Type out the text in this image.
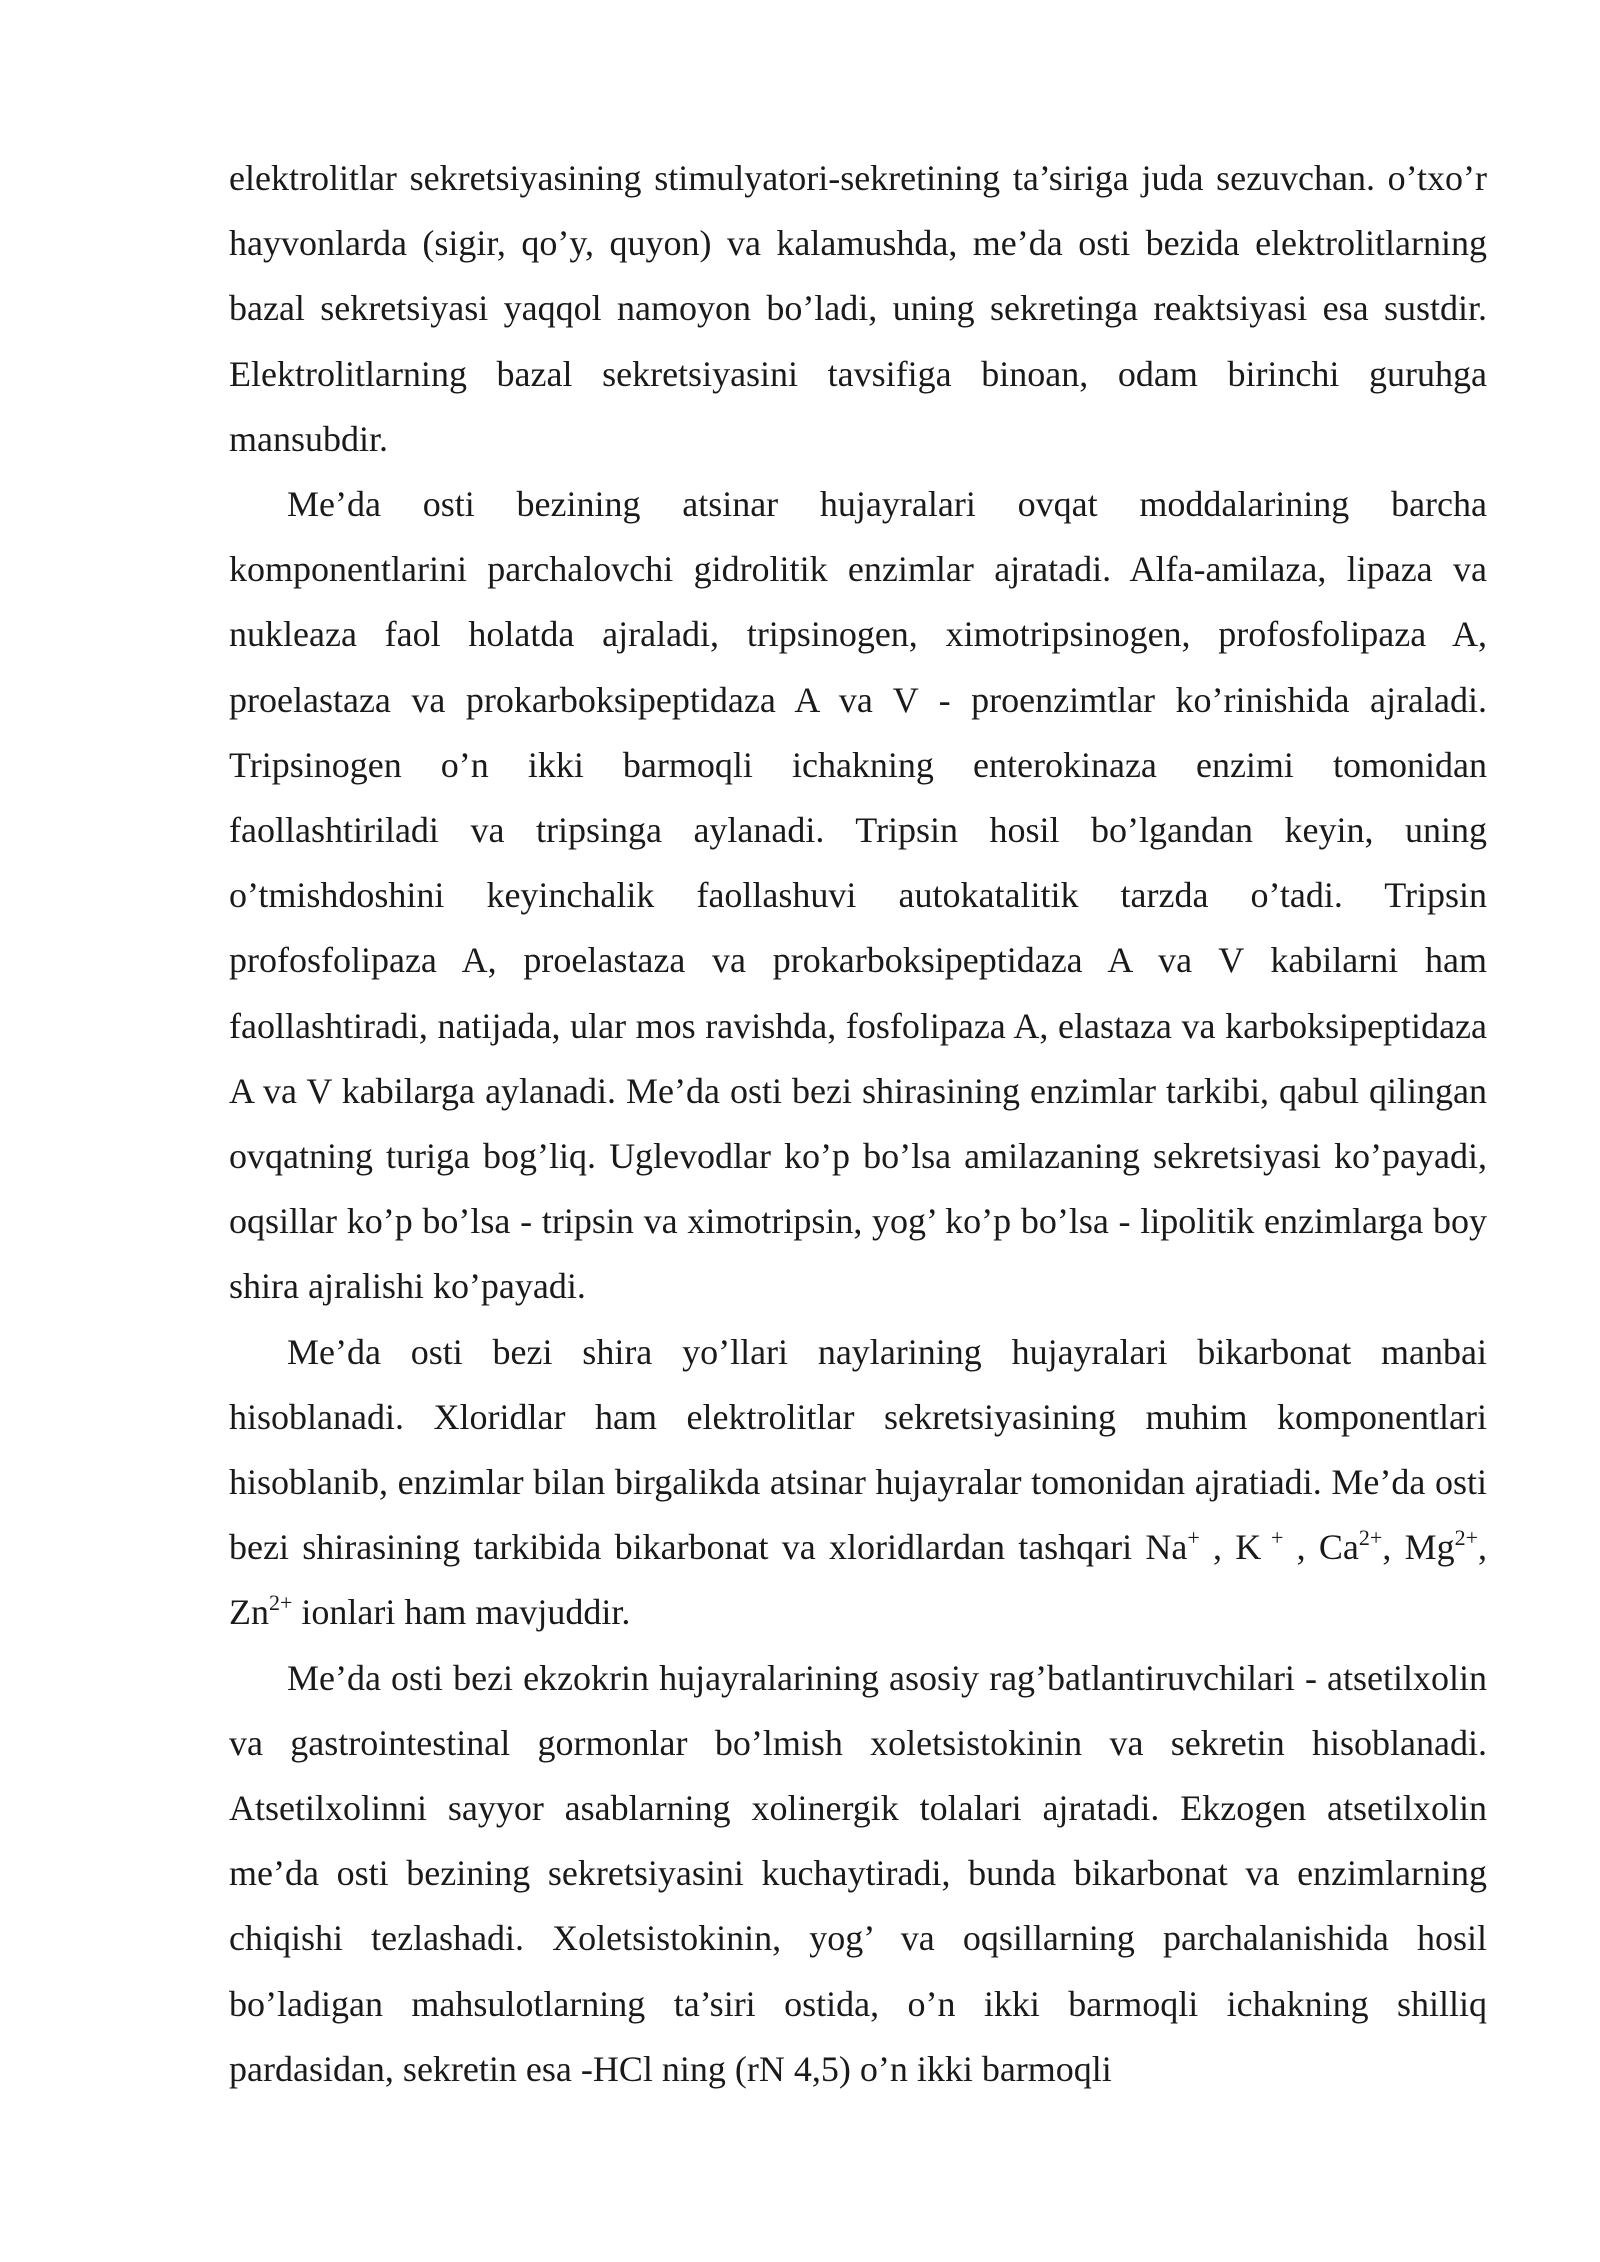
elektrolitlar sekretsiyasining stimulyatori-sekretining ta’siriga juda sezuvchan. o’txo’r hayvonlarda (sigir, qo’y, quyon) va kalamushda, me’da osti bezida elektrolitlarning bazal sekretsiyasi yaqqol namoyon bo’ladi, uning sekretinga reaktsiyasi esa sustdir. Elektrolitlarning bazal sekretsiyasini tavsifiga binoan, odam birinchi guruhga mansubdir.

Me’da osti bezining atsinar hujayralari ovqat moddalarining barcha komponentlarini parchalovchi gidrolitik enzimlar ajratadi. Alfa-amilaza, lipaza va nukleaza faol holatda ajraladi, tripsinogen, ximotripsinogen, profosfolipaza A, proelastaza va prokarboksipeptidaza A va V - proenzimtlar ko’rinishida ajraladi. Tripsinogen o’n ikki barmoqli ichakning enterokinaza enzimi tomonidan faollashtiriladi va tripsinga aylanadi. Tripsin hosil bo’lgandan keyin, uning o’tmishdoshini keyinchalik faollashuvi autokatalitik tarzda o’tadi. Tripsin profosfolipaza A, proelastaza va prokarboksipeptidaza A va V kabilarni ham faollashtiradi, natijada, ular mos ravishda, fosfolipaza A, elastaza va karboksipeptidaza A va V kabilarga aylanadi. Me’da osti bezi shirasining enzimlar tarkibi, qabul qilingan ovqatning turiga bog’liq. Uglevodlar ko’p bo’lsa amilazaning sekretsiyasi ko’payadi, oqsillar ko’p bo’lsa - tripsin va ximotripsin, yog’ ko’p bo’lsa - lipolitik enzimlarga boy shira ajralishi ko’payadi.

Me’da osti bezi shira yo’llari naylarining hujayralari bikarbonat manbai hisoblanadi. Xloridlar ham elektrolitlar sekretsiyasining muhim komponentlari hisoblanib, enzimlar bilan birgalikda atsinar hujayralar tomonidan ajratiadi. Me’da osti bezi shirasining tarkibida bikarbonat va xloridlardan tashqari Na+ , K + , $Ca^{2+}$, $Mg^{2+}$, $Zn^{2+}$ ionlari ham mavjuddir.

Me’da osti bezi ekzokrin hujayralarining asosiy rag’batlantiruvchilari - atsetilxolin va gastrointestinal gormonlar bo’lmish xoletsistokinin va sekretin hisoblanadi. Atsetilxolinni sayyor asablarning xolinergik tolalari ajratadi. Ekzogen atsetilxolin me’da osti bezining sekretsiyasini kuchaytiradi, bunda bikarbonat va enzimlarning chiqishi tezlashadi. Xoletsistokinin, yog’ va oqsillarning parchalanishida hosil bo’ladigan mahsulotlarning ta’siri ostida, o’n ikki barmoqli ichakning shilliq pardasidan, sekretin esa -HCl ning (rN 4,5) o’n ikki barmoqli
